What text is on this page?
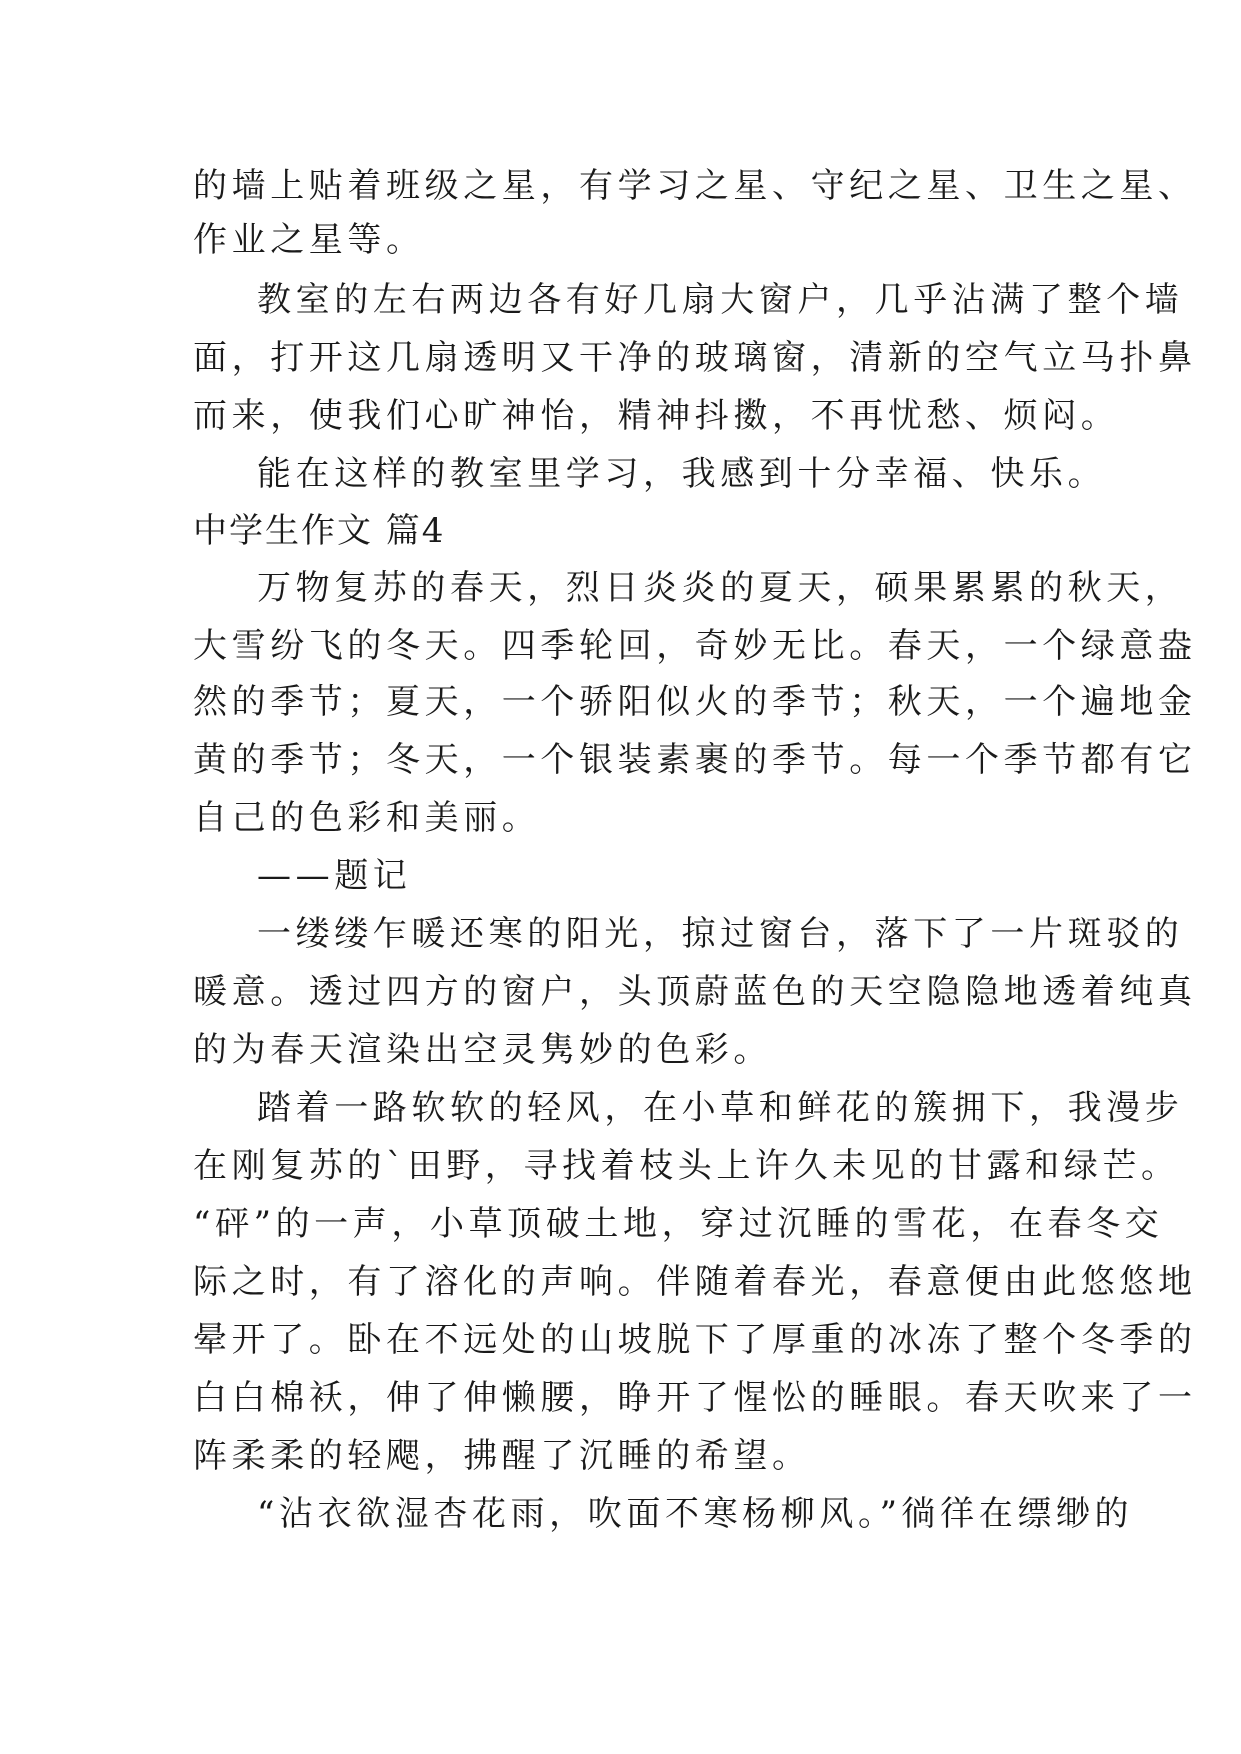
的墙上贴着班级之星，有学习之星、守纪之星、卫生之星、
作业之星等。
教室的左右两边各有好几扇大窗户，几乎沾满了整个墙
面，打开这几扇透明又干净的玻璃窗，清新的空气立马扑鼻
而来，使我们心旷神怡，精神抖擞，不再忧愁、烦闷。
能在这样的教室里学习，我感到十分幸福、快乐。
中学生作文 篇4
万物复苏的春天，烈日炎炎的夏天，硕果累累的秋天，
大雪纷飞的冬天。四季轮回，奇妙无比。春天，一个绿意盎
然的季节；夏天，一个骄阳似火的季节；秋天，一个遍地金
黄的季节；冬天，一个银装素裹的季节。每一个季节都有它
自己的色彩和美丽。
——题记
一缕缕乍暖还寒的阳光，掠过窗台，落下了一片斑驳的
暖意。透过四方的窗户，头顶蔚蓝色的天空隐隐地透着纯真
的为春天渲染出空灵隽妙的色彩。
踏着一路软软的轻风，在小草和鲜花的簇拥下，我漫步
在刚复苏的`田野，寻找着枝头上许久未见的甘露和绿芒。
“砰”的一声，小草顶破土地，穿过沉睡的雪花，在春冬交
际之时，有了溶化的声响。伴随着春光，春意便由此悠悠地
晕开了。卧在不远处的山坡脱下了厚重的冰冻了整个冬季的
白白棉袄，伸了伸懒腰，睁开了惺忪的睡眼。春天吹来了一
阵柔柔的轻飔，拂醒了沉睡的希望。
“沾衣欲湿杏花雨，吹面不寒杨柳风。”徜徉在缥缈的
